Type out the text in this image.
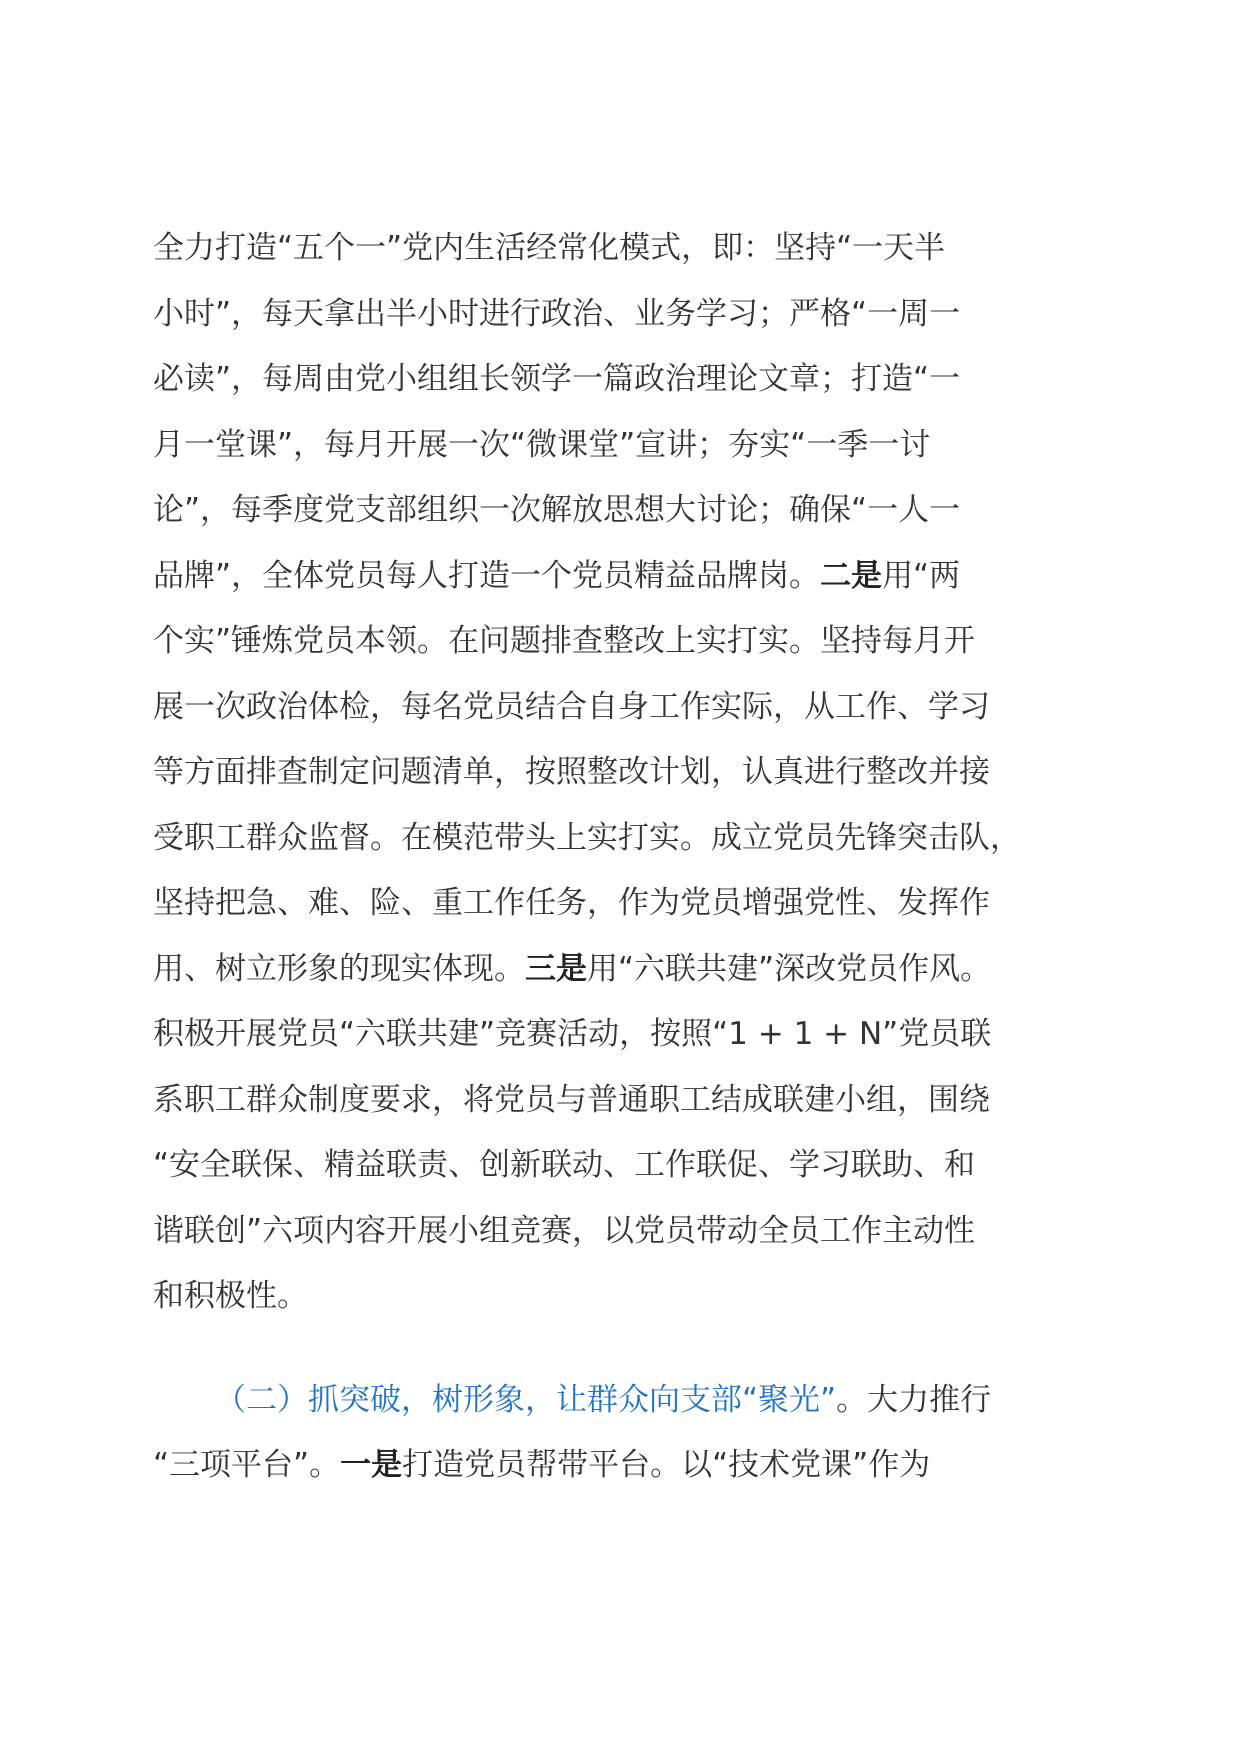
全力打造“五个一”党内生活经常化模式，即：坚持“一天半
小时”，每天拿出半小时进行政治、业务学习；严格“一周一
必读”，每周由党小组组长领学一篇政治理论文章；打造“一
月一堂课”，每月开展一次“微课堂”宣讲；夯实“一季一讨
论”，每季度党支部组织一次解放思想大讨论；确保“一人一
品牌”，全体党员每人打造一个党员精益品牌岗。二是用“两
个实”锤炼党员本领。在问题排查整改上实打实。坚持每月开
展一次政治体检，每名党员结合自身工作实际，从工作、学习
等方面排查制定问题清单，按照整改计划，认真进行整改并接
受职工群众监督。在模范带头上实打实。成立党员先锋突击队，
坚持把急、难、险、重工作任务，作为党员增强党性、发挥作
用、树立形象的现实体现。三是用“六联共建”深改党员作风。
积极开展党员“六联共建”竞赛活动，按照“1 + 1 + N”党员联
系职工群众制度要求，将党员与普通职工结成联建小组，围绕
“安全联保、精益联责、创新联动、工作联促、学习联助、和
谐联创”六项内容开展小组竞赛，以党员带动全员工作主动性
和积极性。
（二）抓突破，树形象，让群众向支部“聚光”。大力推行
“三项平台”。一是打造党员帮带平台。以“技术党课”作为
